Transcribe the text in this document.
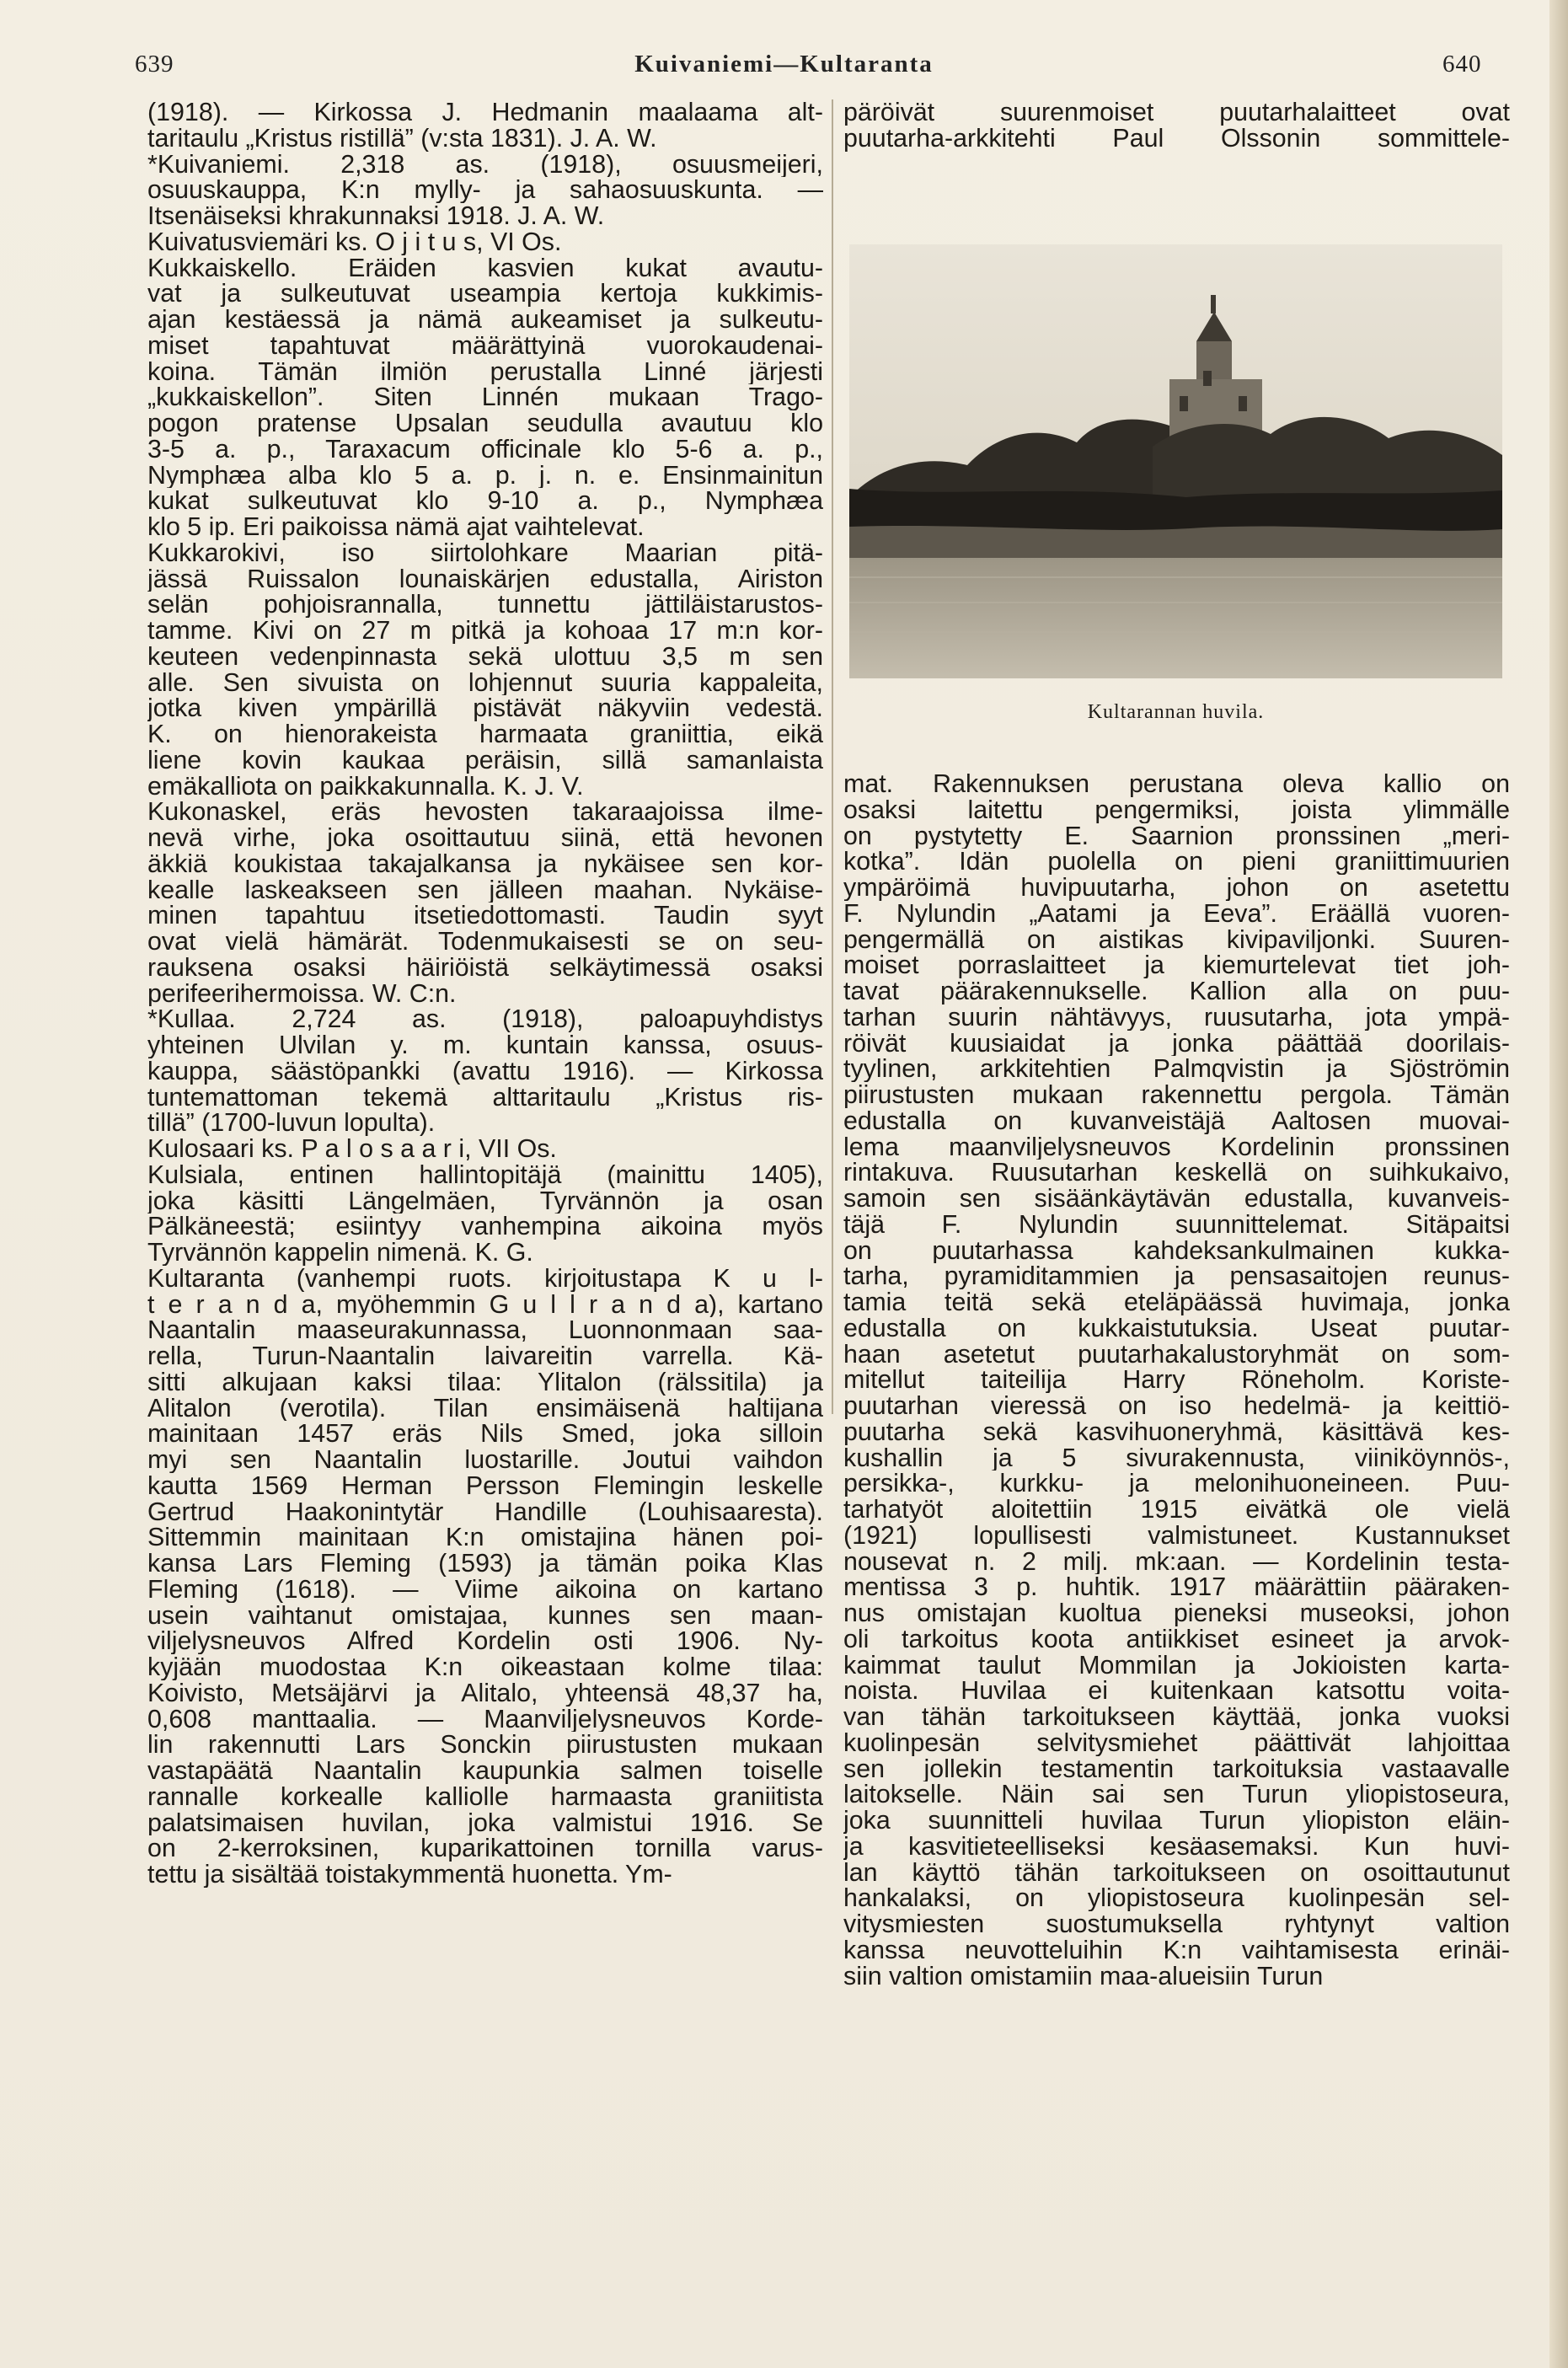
Kuivaniemi—Kultaranta
639	640

(1918). — Kirkossa J. Hedmanin maalaama alt-

taritaulu „Kristus ristillä” (v:sta 1831). J. A. W.

*Kuivaniemi. 2,318 as. (1918), osuusmeijeri,

osuuskauppa, K:n mylly- ja sahaosuuskunta. —

Itsenäiseksi khrakunnaksi 1918. J. A. W.

Kuivatusviemäri ks. O j i t u s, VI Os.

Kukkaiskello. Eräiden kasvien kukat avautu-

vat ja sulkeutuvat useampia kertoja kukkimis-

ajan kestäessä ja nämä aukeamiset ja sulkeutu-

miset tapahtuvat määrättyinä vuorokaudenai-

koina. Tämän ilmiön perustalla Linné järjesti

„kukkaiskellon”. Siten Linnén mukaan Trago-

pogon pratense Upsalan seudulla avautuu klo

3-5 a. p., Taraxacum officinale klo 5-6 a. p.,

Nymphæa alba klo 5 a. p. j. n. e. Ensinmainitun

kukat sulkeutuvat klo 9-10 a. p., Nymphæa

klo 5 ip. Eri paikoissa nämä ajat vaihtelevat.

Kukkarokivi, iso siirtolohkare Maarian pitä-

jässä Ruissalon lounaiskärjen edustalla, Airiston

selän pohjoisrannalla, tunnettu jättiläistarustos-

tamme. Kivi on 27 m pitkä ja kohoaa 17 m:n kor-

keuteen vedenpinnasta sekä ulottuu 3,5 m sen

alle. Sen sivuista on lohjennut suuria kappaleita,

jotka kiven ympärillä pistävät näkyviin vedestä.

K. on hienorakeista harmaata graniittia, eikä

liene kovin kaukaa peräisin, sillä samanlaista

emäkalliota on paikkakunnalla. K. J. V.

Kukonaskel, eräs hevosten takaraajoissa ilme-

nevä virhe, joka osoittautuu siinä, että hevonen

äkkiä koukistaa takajalkansa ja nykäisee sen kor-

kealle laskeakseen sen jälleen maahan. Nykäise-

minen tapahtuu itsetiedottomasti. Taudin syyt

ovat vielä hämärät. Todenmukaisesti se on seu-

rauksena osaksi häiriöistä selkäytimessä osaksi

perifeerihermoissa. W. C:n.

*Kullaa. 2,724 as. (1918), paloapuyhdistys

yhteinen Ulvilan y. m. kuntain kanssa, osuus-

kauppa, säästöpankki (avattu 1916). — Kirkossa

tuntemattoman tekemä alttaritaulu „Kristus ris-

tillä” (1700-luvun lopulta).

Kulosaari ks. P a l o s a a r i, VII Os.

Kulsiala, entinen hallintopitäjä (mainittu 1405),

joka käsitti Längelmäen, Tyrvännön ja osan

Pälkäneestä; esiintyy vanhempina aikoina myös

Tyrvännön kappelin nimenä. K. G.

Kultaranta (vanhempi ruots. kirjoitustapa K u l-

t e r a n d a, myöhemmin G u l l r a n d a), kartano

Naantalin maaseurakunnassa, Luonnonmaan saa-

rella, Turun-Naantalin laivareitin varrella. Kä-

sitti alkujaan kaksi tilaa: Ylitalon (rälssitila) ja

Alitalon (verotila). Tilan ensimäisenä haltijana

mainitaan 1457 eräs Nils Smed, joka silloin

myi sen Naantalin luostarille. Joutui vaihdon

kautta 1569 Herman Persson Flemingin leskelle

Gertrud Haakonintytär Handille (Louhisaaresta).

Sittemmin mainitaan K:n omistajina hänen poi-

kansa Lars Fleming (1593) ja tämän poika Klas

Fleming (1618). — Viime aikoina on kartano

usein vaihtanut omistajaa, kunnes sen maan-

viljelysneuvos Alfred Kordelin osti 1906. Ny-

kyjään muodostaa K:n oikeastaan kolme tilaa:

Koivisto, Metsäjärvi ja Alitalo, yhteensä 48,37 ha,

0,608 manttaalia. — Maanviljelysneuvos Korde-

lin rakennutti Lars Sonckin piirustusten mukaan

vastapäätä Naantalin kaupunkia salmen toiselle

rannalle korkealle kalliolle harmaasta graniitista

palatsimaisen huvilan, joka valmistui 1916. Se

on 2-kerroksinen, kuparikattoinen tornilla varus-

tettu ja sisältää toistakymmentä huonetta. Ym-

päröivät suurenmoiset puutarhalaitteet ovat

puutarha-arkkitehti Paul Olssonin sommittele-

Kultarannan huvila.

mat. Rakennuksen perustana oleva kallio on

osaksi laitettu pengermiksi, joista ylimmälle

on pystytetty E. Saarnion pronssinen „meri-

kotka”. Idän puolella on pieni graniittimuurien

ympäröimä huvipuutarha, johon on asetettu

F. Nylundin „Aatami ja Eeva”. Eräällä vuoren-

pengermällä on aistikas kivipaviljonki. Suuren-

moiset porraslaitteet ja kiemurtelevat tiet joh-

tavat päärakennukselle. Kallion alla on puu-

tarhan suurin nähtävyys, ruusutarha, jota ympä-

röivät kuusiaidat ja jonka päättää doorilais-

tyylinen, arkkitehtien Palmqvistin ja Sjöströmin

piirustusten mukaan rakennettu pergola. Tämän

edustalla on kuvanveistäjä Aaltosen muovai-

lema maanviljelysneuvos Kordelinin pronssinen

rintakuva. Ruusutarhan keskellä on suihkukaivo,

samoin sen sisäänkäytävän edustalla, kuvanveis-

täjä F. Nylundin suunnittelemat. Sitäpaitsi

on puutarhassa kahdeksankulmainen kukka-

tarha, pyramiditammien ja pensasaitojen reunus-

tamia teitä sekä eteläpäässä huvimaja, jonka

edustalla on kukkaistutuksia. Useat puutar-

haan asetetut puutarhakalustoryhmät on som-

mitellut taiteilija Harry Röneholm. Koriste-

puutarhan vieressä on iso hedelmä- ja keittiö-

puutarha sekä kasvihuoneryhmä, käsittävä kes-

kushallin ja 5 sivurakennusta, viiniköynnös-,

persikka-, kurkku- ja melonihuoneineen. Puu-

tarhatyöt aloitettiin 1915 eivätkä ole vielä

(1921) lopullisesti valmistuneet. Kustannukset

nousevat n. 2 milj. mk:aan. — Kordelinin testa-

mentissa 3 p. huhtik. 1917 määrättiin pääraken-

nus omistajan kuoltua pieneksi museoksi, johon

oli tarkoitus koota antiikkiset esineet ja arvok-

kaimmat taulut Mommilan ja Jokioisten karta-

noista. Huvilaa ei kuitenkaan katsottu voita-

van tähän tarkoitukseen käyttää, jonka vuoksi

kuolinpesän selvitysmiehet päättivät lahjoittaa

sen jollekin testamentin tarkoituksia vastaavalle

laitokselle. Näin sai sen Turun yliopistoseura,

joka suunnitteli huvilaa Turun yliopiston eläin-

ja kasvitieteelliseksi kesäasemaksi. Kun huvi-

lan käyttö tähän tarkoitukseen on osoittautunut

hankalaksi, on yliopistoseura kuolinpesän sel-

vitysmiesten suostumuksella ryhtynyt valtion

kanssa neuvotteluihin K:n vaihtamisesta erinäi-

siin valtion omistamiin maa-alueisiin Turun
